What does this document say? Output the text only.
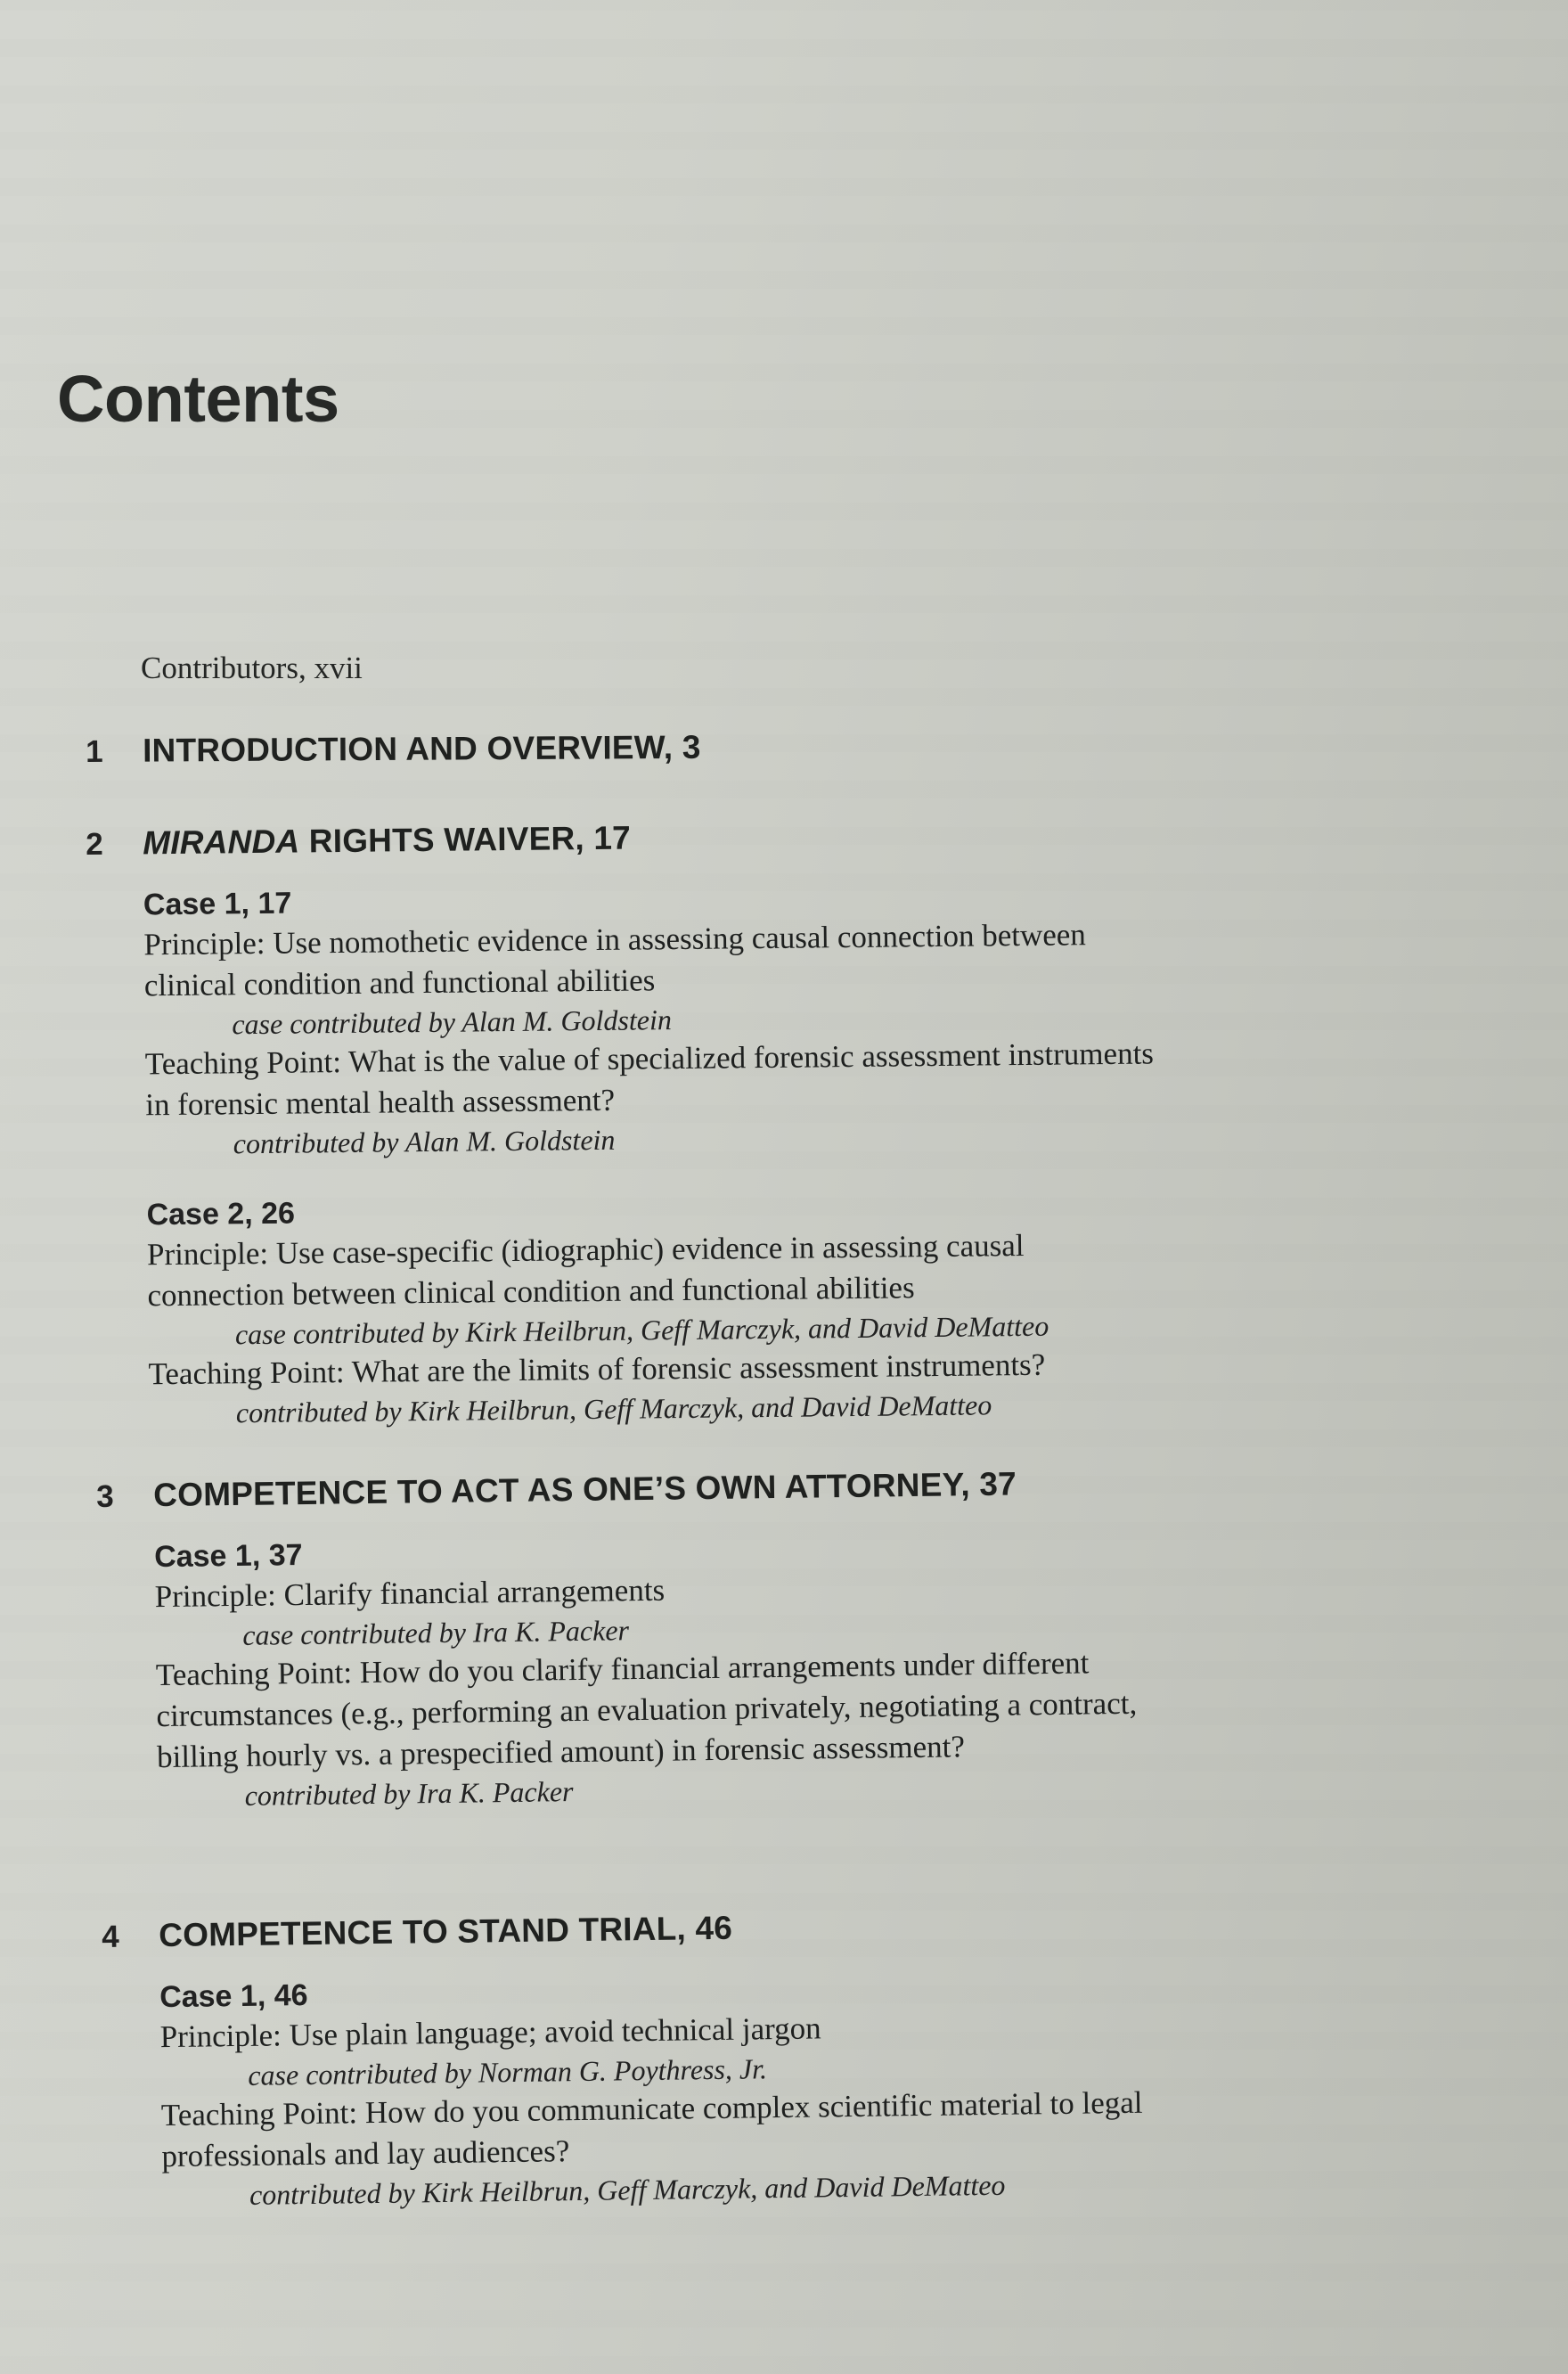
Contents
Contributors, xvii
1	INTRODUCTION AND OVERVIEW, 3
2	MIRANDA RIGHTS WAIVER, 17
Case 1, 17
Principle: Use nomothetic evidence in assessing causal connection between clinical condition and functional abilities
case contributed by Alan M. Goldstein
Teaching Point: What is the value of specialized forensic assessment instruments in forensic mental health assessment?
contributed by Alan M. Goldstein
Case 2, 26
Principle: Use case-specific (idiographic) evidence in assessing causal connection between clinical condition and functional abilities
case contributed by Kirk Heilbrun, Geff Marczyk, and David DeMatteo
Teaching Point: What are the limits of forensic assessment instruments?
contributed by Kirk Heilbrun, Geff Marczyk, and David DeMatteo
3	COMPETENCE TO ACT AS ONE’S OWN ATTORNEY, 37
Case 1, 37
Principle: Clarify financial arrangements
case contributed by Ira K. Packer
Teaching Point: How do you clarify financial arrangements under different circumstances (e.g., performing an evaluation privately, negotiating a contract, billing hourly vs. a prespecified amount) in forensic assessment?
contributed by Ira K. Packer
4	COMPETENCE TO STAND TRIAL, 46
Case 1, 46
Principle: Use plain language; avoid technical jargon
case contributed by Norman G. Poythress, Jr.
Teaching Point: How do you communicate complex scientific material to legal professionals and lay audiences?
contributed by Kirk Heilbrun, Geff Marczyk, and David DeMatteo
